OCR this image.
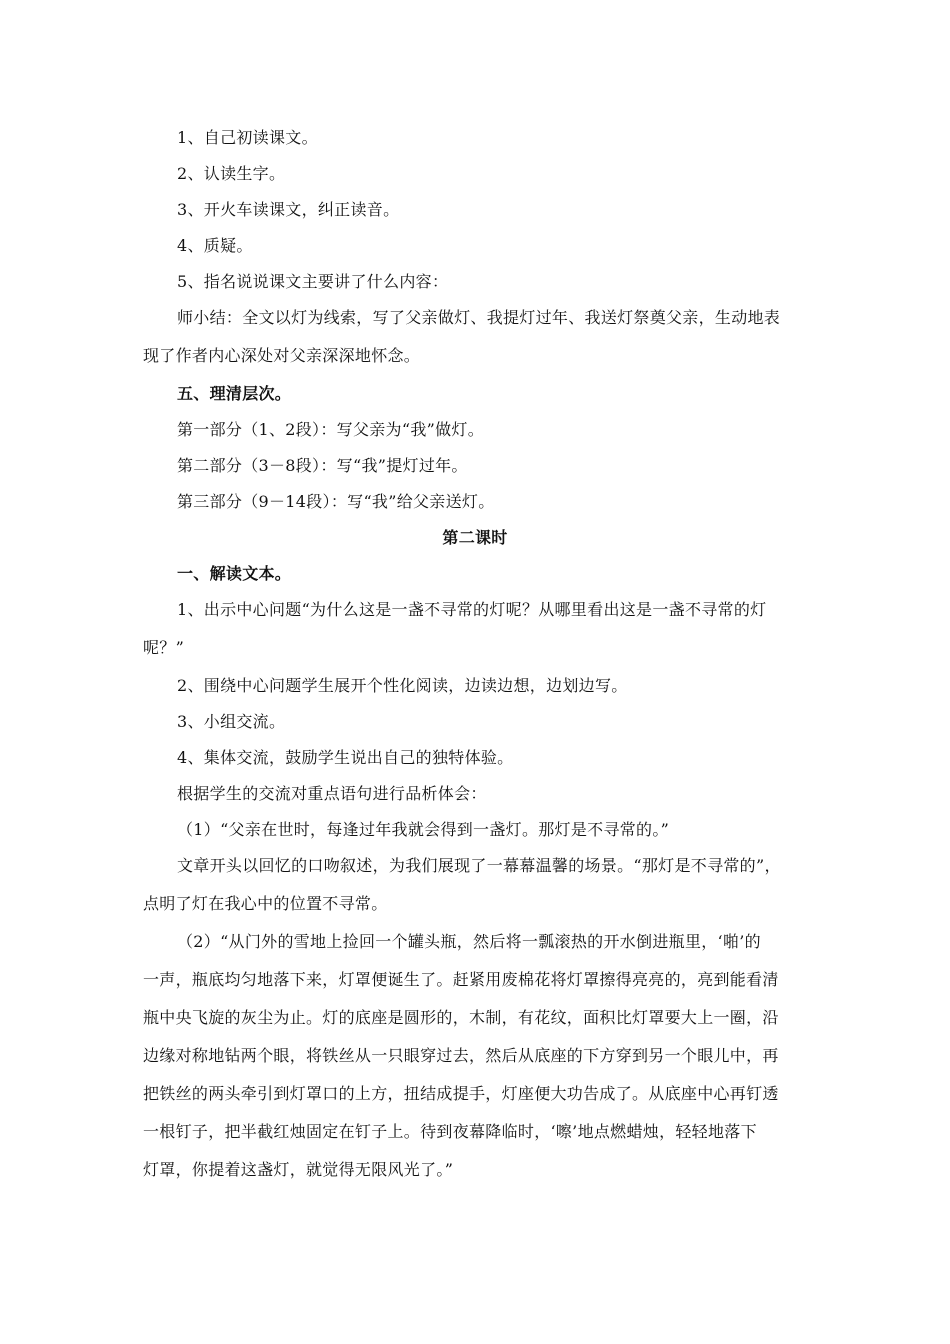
1、自己初读课文。
2、认读生字。
3、开火车读课文，纠正读音。
4、质疑。
5、指名说说课文主要讲了什么内容：
师小结：全文以灯为线索，写了父亲做灯、我提灯过年、我送灯祭奠父亲，生动地表
现了作者内心深处对父亲深深地怀念。
五、理清层次。
第一部分（1、2段）：写父亲为“我”做灯。
第二部分（3－8段）：写“我”提灯过年。
第三部分（9－14段）：写“我”给父亲送灯。
第二课时
一、解读文本。
1、出示中心问题“为什么这是一盏不寻常的灯呢？从哪里看出这是一盏不寻常的灯
呢？”
2、围绕中心问题学生展开个性化阅读，边读边想，边划边写。
3、小组交流。
4、集体交流，鼓励学生说出自己的独特体验。
根据学生的交流对重点语句进行品析体会：
（1）“父亲在世时，每逢过年我就会得到一盏灯。那灯是不寻常的。”
文章开头以回忆的口吻叙述，为我们展现了一幕幕温馨的场景。“那灯是不寻常的”，
点明了灯在我心中的位置不寻常。
（2）“从门外的雪地上捡回一个罐头瓶，然后将一瓢滚热的开水倒进瓶里，‘啪’的
一声，瓶底均匀地落下来，灯罩便诞生了。赶紧用废棉花将灯罩擦得亮亮的，亮到能看清
瓶中央飞旋的灰尘为止。灯的底座是圆形的，木制，有花纹，面积比灯罩要大上一圈，沿
边缘对称地钻两个眼，将铁丝从一只眼穿过去，然后从底座的下方穿到另一个眼儿中，再
把铁丝的两头牵引到灯罩口的上方，扭结成提手，灯座便大功告成了。从底座中心再钉透
一根钉子，把半截红烛固定在钉子上。待到夜幕降临时，‘嚓’地点燃蜡烛，轻轻地落下
灯罩，你提着这盏灯，就觉得无限风光了。”
